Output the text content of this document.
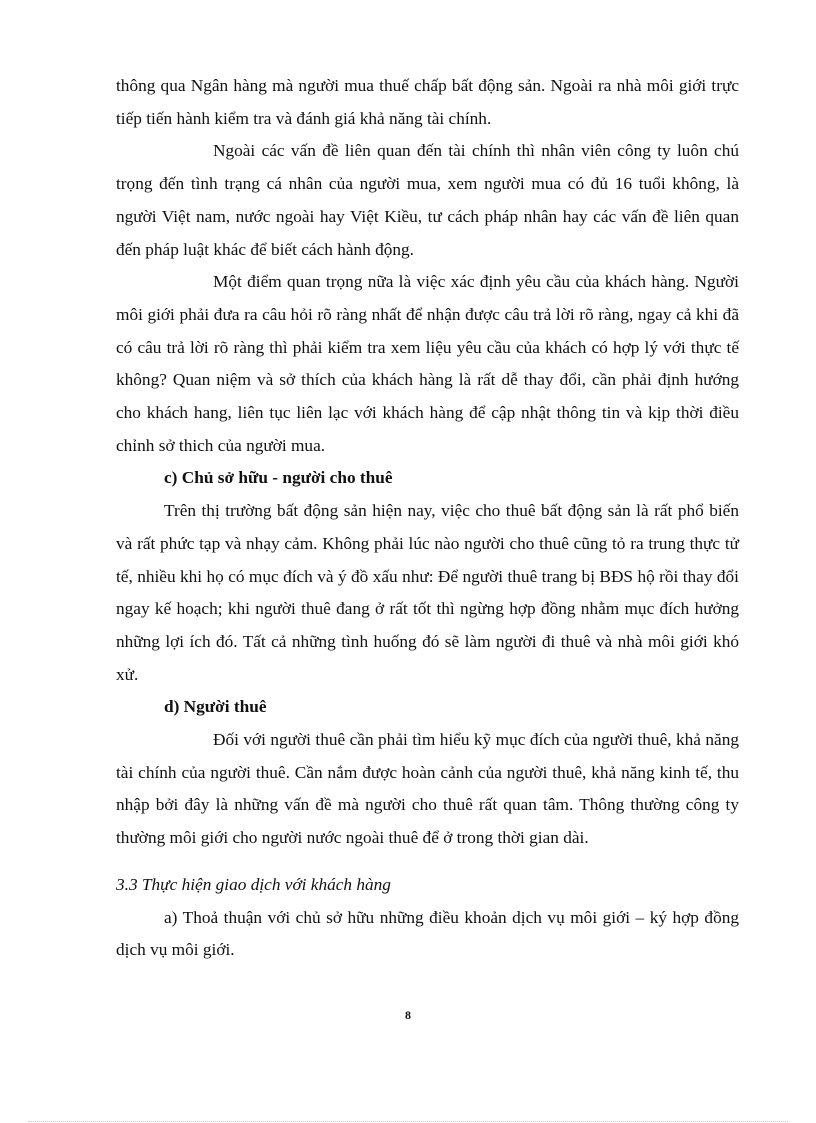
thông qua Ngân hàng mà người mua thuế chấp bất động sản. Ngoài ra nhà môi giới trực tiếp tiến hành kiểm tra và đánh giá khả năng tài chính.

Ngoài các vấn đề liên quan đến tài chính thì nhân viên công ty luôn chú trọng đến tình trạng cá nhân của người mua, xem người mua có đủ 16 tuổi không, là người Việt nam, nước ngoài hay Việt Kiều, tư cách pháp nhân hay các vấn đề liên quan đến pháp luật khác để biết cách hành động.

Một điểm quan trọng nữa là việc xác định yêu cầu của khách hàng. Người môi giới phải đưa ra câu hỏi rõ ràng nhất để nhận được câu trả lời rõ ràng, ngay cả khi đã có câu trả lời rõ ràng thì phải kiểm tra xem liệu yêu cầu của khách có hợp lý với thực tế không? Quan niệm và sở thích của khách hàng là rất dễ thay đổi, cần phải định hướng cho khách hang, liên tục liên lạc với khách hàng để cập nhật thông tin và kịp thời điều chỉnh sở thich của người mua.

c) Chủ sở hữu - người cho thuê

Trên thị trường bất động sản hiện nay, việc cho thuê bất động sản là rất phổ biến và rất phức tạp và nhạy cảm. Không phải lúc nào người cho thuê cũng tỏ ra trung thực tử tế, nhiều khi họ có mục đích và ý đồ xấu như: Để người thuê trang bị BĐS hộ rồi thay đổi ngay kế hoạch; khi người thuê đang ở rất tốt thì ngừng hợp đồng nhằm mục đích hưởng những lợi ích đó. Tất cả những tình huống đó sẽ làm người đi thuê và nhà môi giới khó xử.

d) Người thuê

Đối với người thuê cần phải tìm hiểu kỹ mục đích của người thuê, khả năng tài chính của người thuê. Cần nắm được hoàn cảnh của người thuê, khả năng kinh tế, thu nhập bởi đây là những vấn đề mà người cho thuê rất quan tâm. Thông thường công ty thường môi giới cho người nước ngoài thuê để ở trong thời gian dài.

3.3 Thực hiện giao dịch với khách hàng

a) Thoả thuận với chủ sở hữu những điều khoản dịch vụ môi giới – ký hợp đồng dịch vụ môi giới.

8
